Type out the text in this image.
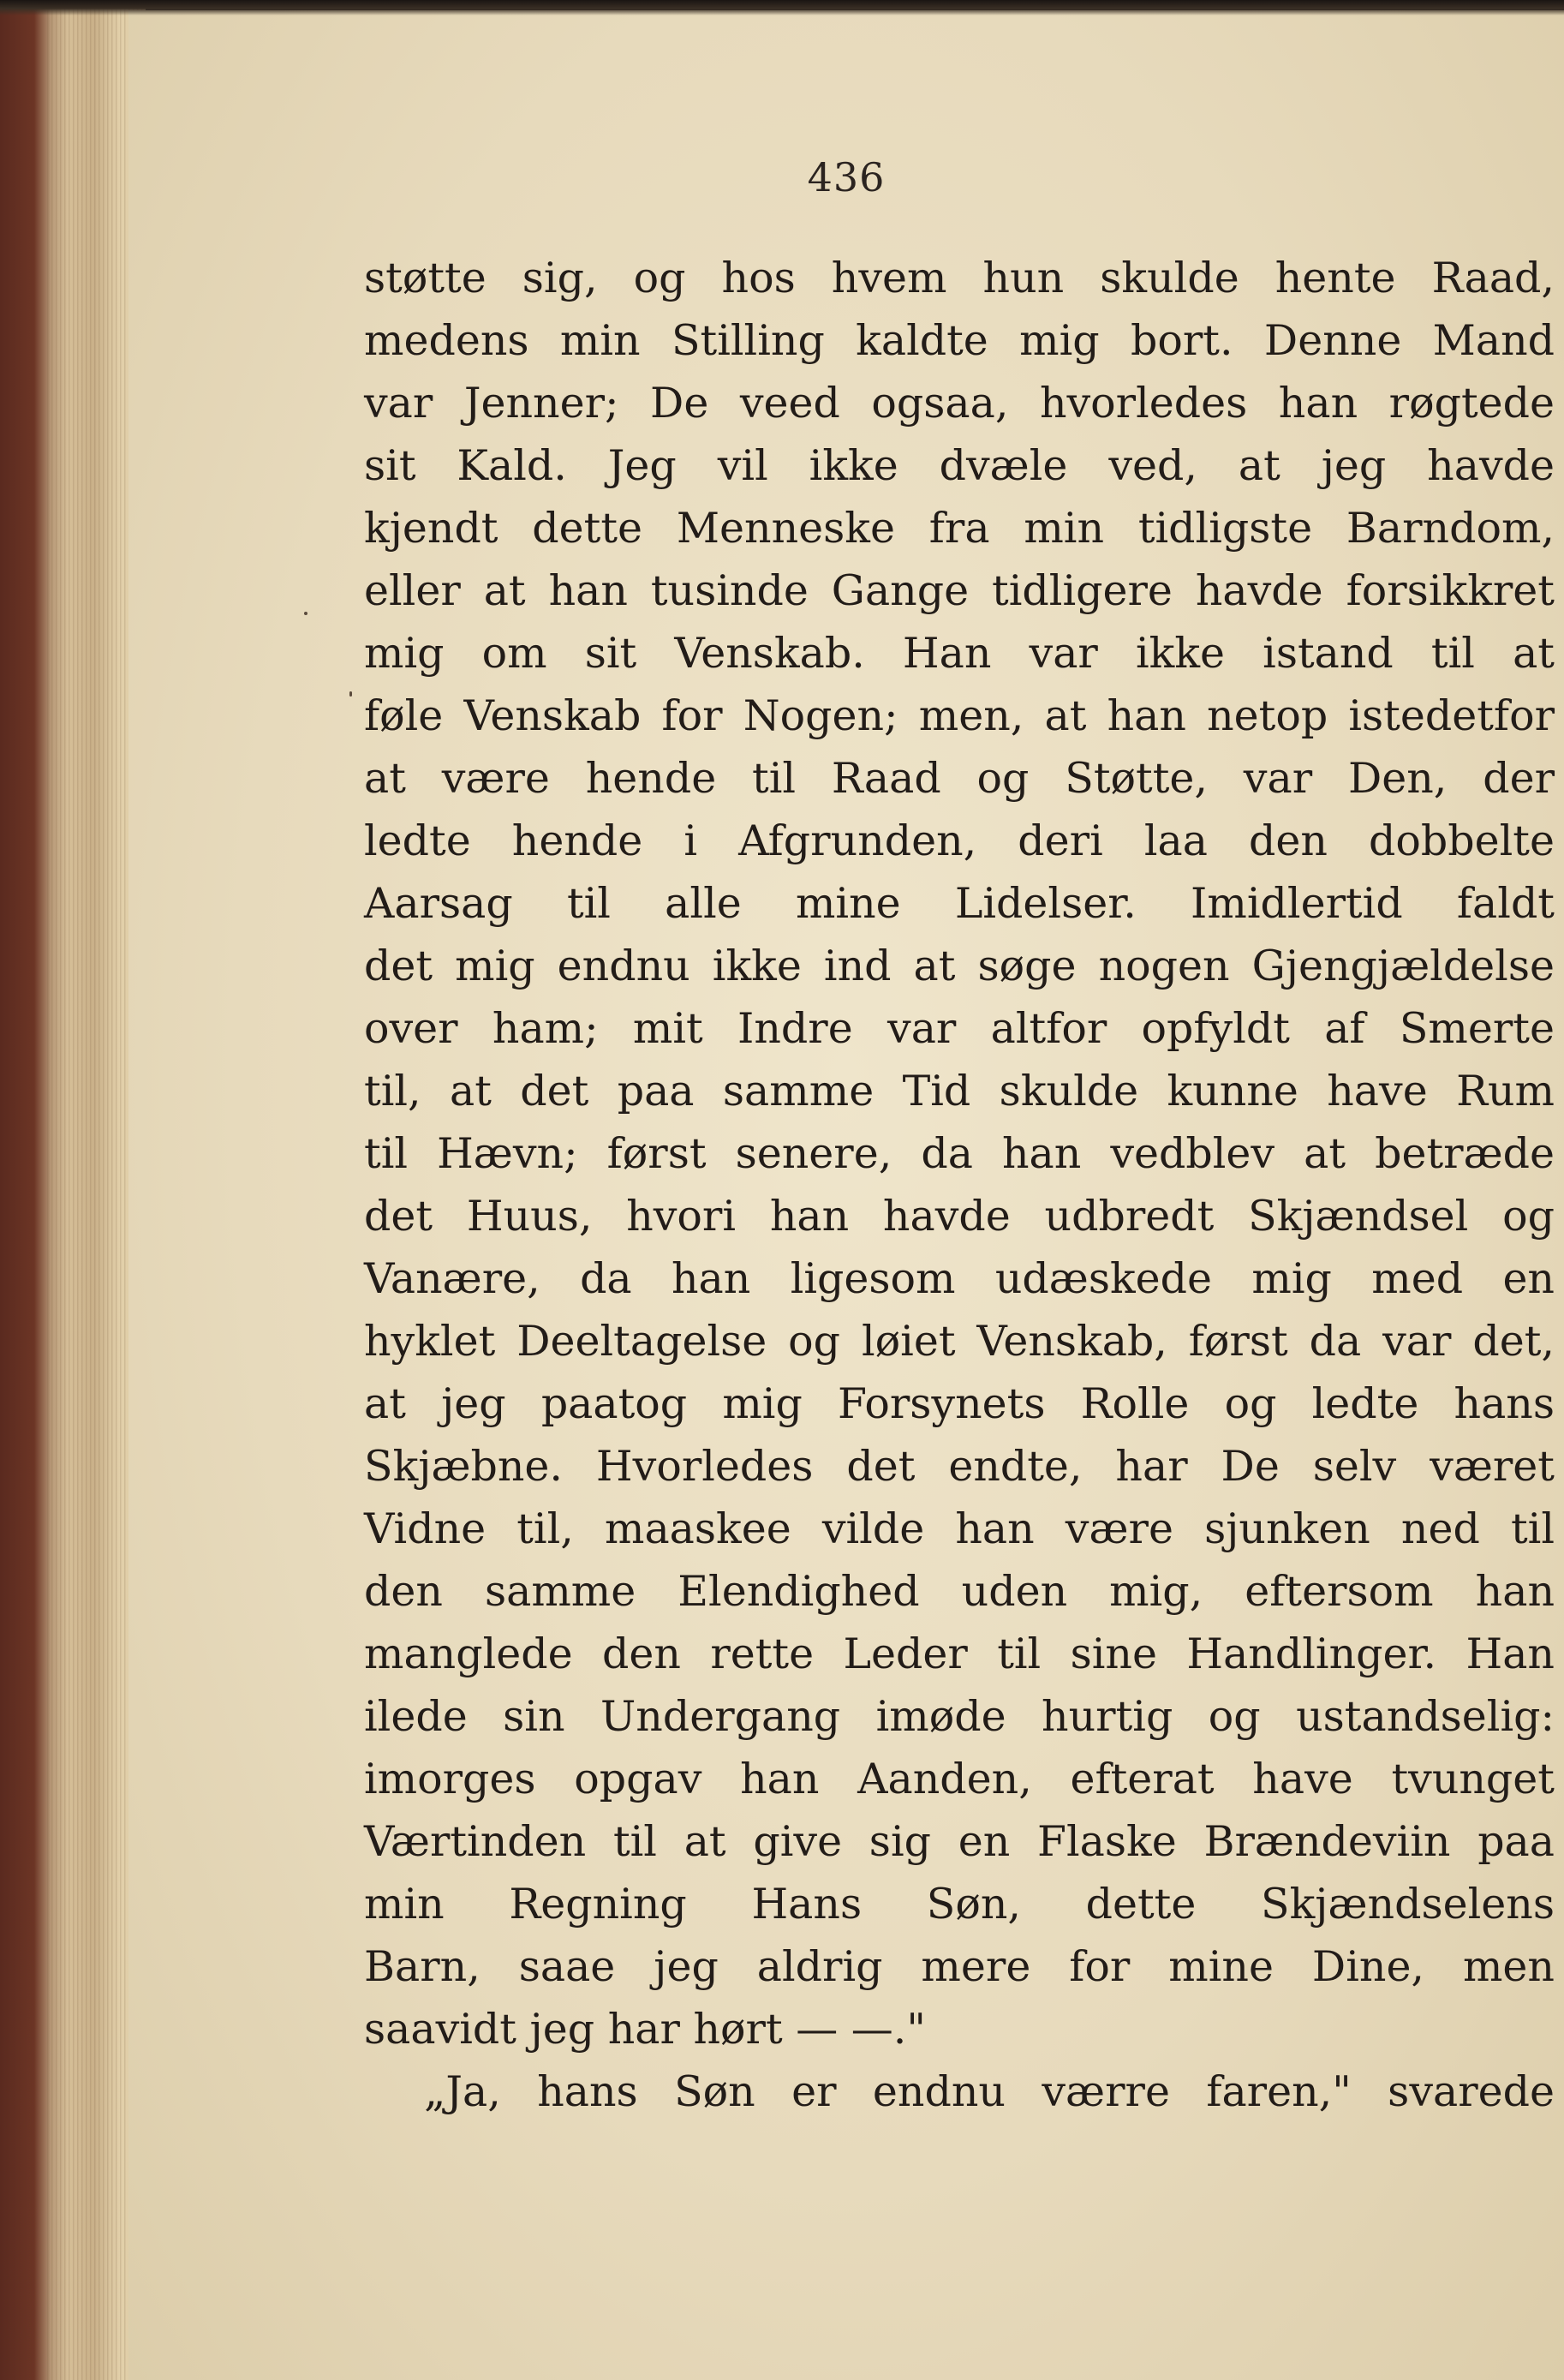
436
støtte sig, og hos hvem hun skulde hente Raad,
medens min Stilling kaldte mig bort. Denne Mand
var Jenner; De veed ogsaa, hvorledes han røgtede
sit Kald. Jeg vil ikke dvæle ved, at jeg havde
kjendt dette Menneske fra min tidligste Barndom,
eller at han tusinde Gange tidligere havde forsikkret
mig om sit Venskab. Han var ikke istand til at
føle Venskab for Nogen; men, at han netop istedetfor
at være hende til Raad og Støtte, var Den, der
ledte hende i Afgrunden, deri laa den dobbelte
Aarsag til alle mine Lidelser. Imidlertid faldt
det mig endnu ikke ind at søge nogen Gjengjældelse
over ham; mit Indre var altfor opfyldt af Smerte
til, at det paa samme Tid skulde kunne have Rum
til Hævn; først senere, da han vedblev at betræde
det Huus, hvori han havde udbredt Skjændsel og
Vanære, da han ligesom udæskede mig med en
hyklet Deeltagelse og løiet Venskab, først da var det,
at jeg paatog mig Forsynets Rolle og ledte hans
Skjæbne. Hvorledes det endte, har De selv været
Vidne til, maaskee vilde han være sjunken ned til
den samme Elendighed uden mig, eftersom han
manglede den rette Leder til sine Handlinger. Han
ilede sin Undergang imøde hurtig og ustandselig:
imorges opgav han Aanden, efterat have tvunget
Værtinden til at give sig en Flaske Brændeviin paa
min Regning Hans Søn, dette Skjændselens
Barn, saae jeg aldrig mere for mine Dine, men
saavidt jeg har hørt — —."
„Ja, hans Søn er endnu værre faren," svarede
